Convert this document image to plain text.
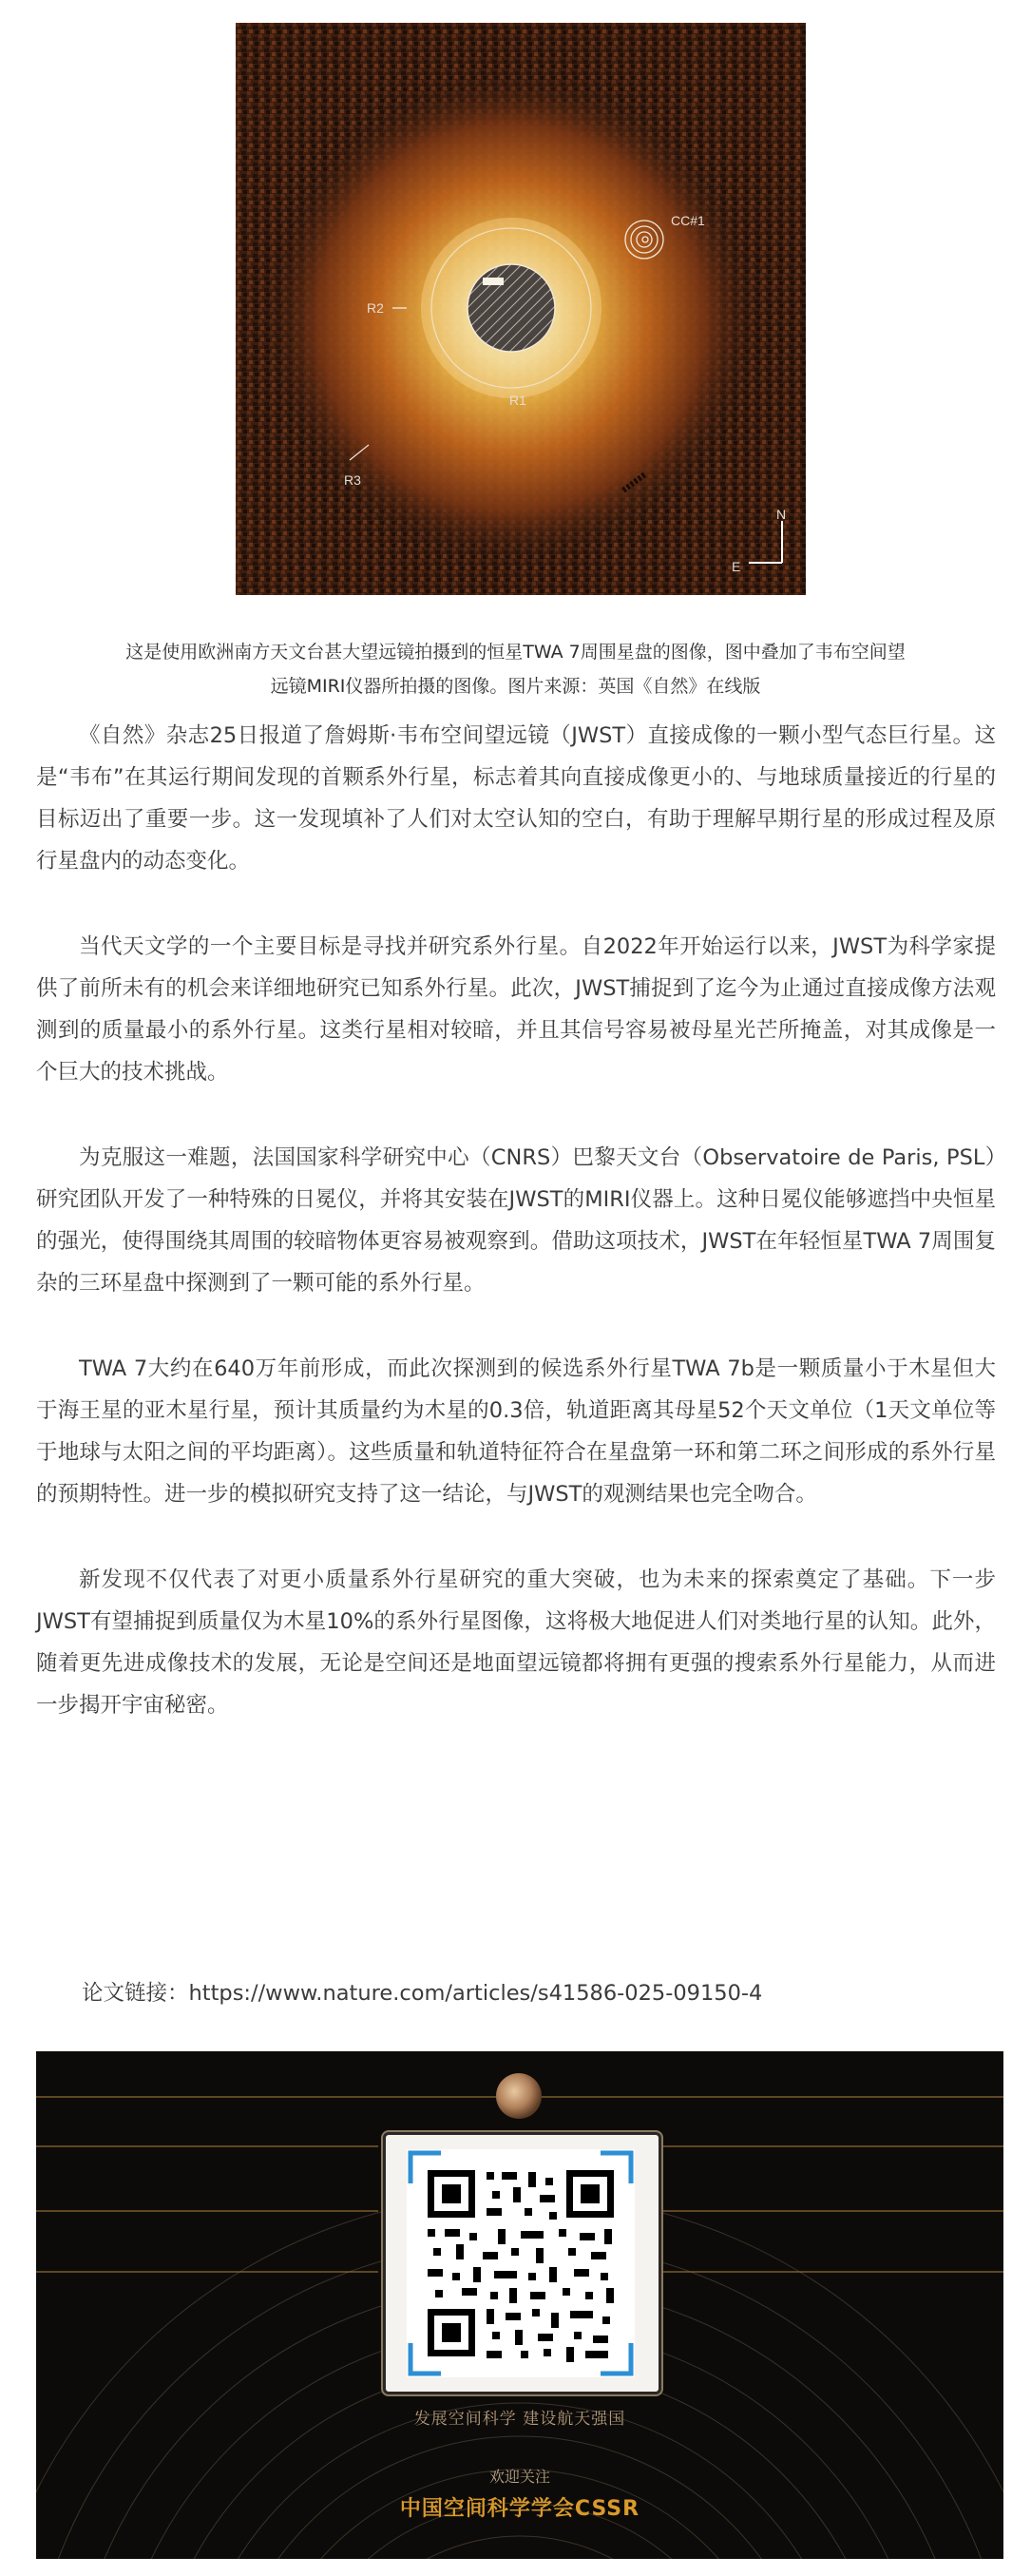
CC#1
R2
R1
R3
N
E
这是使用欧洲南方天文台甚大望远镜拍摄到的恒星TWA 7周围星盘的图像，图中叠加了韦布空间望
远镜MIRI仪器所拍摄的图像。图片来源：英国《自然》在线版

《自然》杂志25日报道了詹姆斯·韦布空间望远镜（JWST）直接成像的一颗小型气态巨行星。这是“韦布”在其运行期间发现的首颗系外行星，标志着其向直接成像更小的、与地球质量接近的行星的目标迈出了重要一步。这一发现填补了人们对太空认知的空白，有助于理解早期行星的形成过程及原行星盘内的动态变化。

当代天文学的一个主要目标是寻找并研究系外行星。自2022年开始运行以来，JWST为科学家提供了前所未有的机会来详细地研究已知系外行星。此次，JWST捕捉到了迄今为止通过直接成像方法观测到的质量最小的系外行星。这类行星相对较暗，并且其信号容易被母星光芒所掩盖，对其成像是一个巨大的技术挑战。

为克服这一难题，法国国家科学研究中心（CNRS）巴黎天文台（Observatoire de Paris, PSL）研究团队开发了一种特殊的日冕仪，并将其安装在JWST的MIRI仪器上。这种日冕仪能够遮挡中央恒星的强光，使得围绕其周围的较暗物体更容易被观察到。借助这项技术，JWST在年轻恒星TWA 7周围复杂的三环星盘中探测到了一颗可能的系外行星。

TWA 7大约在640万年前形成，而此次探测到的候选系外行星TWA 7b是一颗质量小于木星但大于海王星的亚木星行星，预计其质量约为木星的0.3倍，轨道距离其母星52个天文单位（1天文单位等于地球与太阳之间的平均距离）。这些质量和轨道特征符合在星盘第一环和第二环之间形成的系外行星的预期特性。进一步的模拟研究支持了这一结论，与JWST的观测结果也完全吻合。

新发现不仅代表了对更小质量系外行星研究的重大突破，也为未来的探索奠定了基础。下一步JWST有望捕捉到质量仅为木星10%的系外行星图像，这将极大地促进人们对类地行星的认知。此外，随着更先进成像技术的发展，无论是空间还是地面望远镜都将拥有更强的搜索系外行星能力，从而进一步揭开宇宙秘密。

论文链接：https://www.nature.com/articles/s41586-025-09150-4
发展空间科学 建设航天强国
欢迎关注
中国空间科学学会CSSR
